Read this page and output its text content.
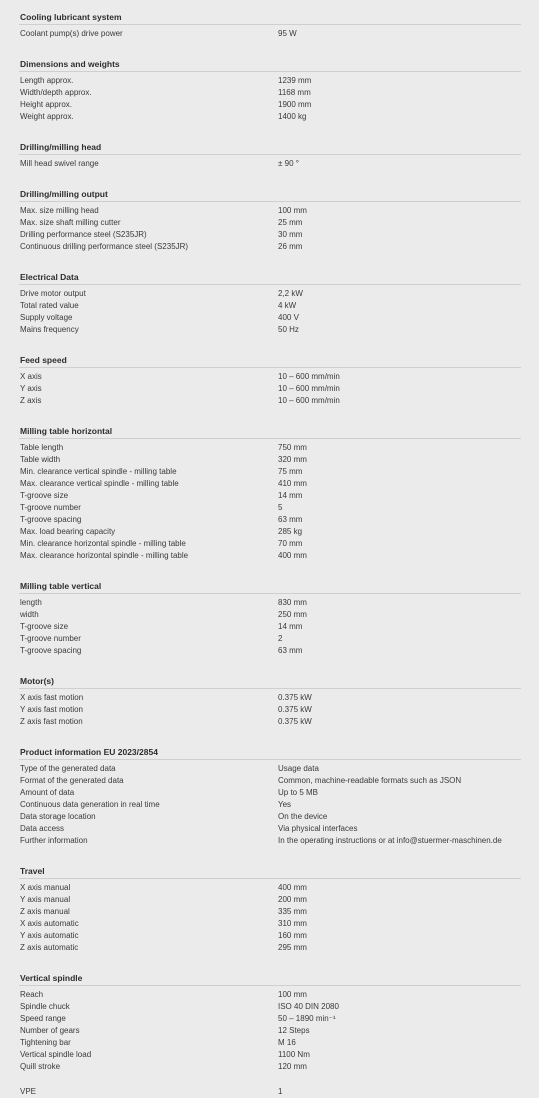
Cooling lubricant system
Coolant pump(s) drive power	95 W
Dimensions and weights
Length approx.	1239 mm
Width/depth approx.	1168 mm
Height approx.	1900 mm
Weight approx.	1400 kg
Drilling/milling head
Mill head swivel range	± 90 °
Drilling/milling output
Max. size milling head	100 mm
Max. size shaft milling cutter	25 mm
Drilling performance steel (S235JR)	30 mm
Continuous drilling performance steel (S235JR)	26 mm
Electrical Data
Drive motor output	2,2 kW
Total rated value	4 kW
Supply voltage	400 V
Mains frequency	50 Hz
Feed speed
X axis	10 – 600 mm/min
Y axis	10 – 600 mm/min
Z axis	10 – 600 mm/min
Milling table horizontal
Table length	750 mm
Table width	320 mm
Min. clearance vertical spindle - milling table	75 mm
Max. clearance vertical spindle - milling table	410 mm
T-groove size	14 mm
T-groove number	5
T-groove spacing	63 mm
Max. load bearing capacity	285 kg
Min. clearance horizontal spindle - milling table	70 mm
Max. clearance horizontal spindle - milling table	400 mm
Milling table vertical
length	830 mm
width	250 mm
T-groove size	14 mm
T-groove number	2
T-groove spacing	63 mm
Motor(s)
X axis fast motion	0.375 kW
Y axis fast motion	0.375 kW
Z axis fast motion	0.375 kW
Product information EU 2023/2854
Type of the generated data	Usage data
Format of the generated data	Common, machine-readable formats such as JSON
Amount of data	Up to 5 MB
Continuous data generation in real time	Yes
Data storage location	On the device
Data access	Via physical interfaces
Further information	In the operating instructions or at info@stuermer-maschinen.de
Travel
X axis manual	400 mm
Y axis manual	200 mm
Z axis manual	335 mm
X axis automatic	310 mm
Y axis automatic	160 mm
Z axis automatic	295 mm
Vertical spindle
Reach	100 mm
Spindle chuck	ISO 40 DIN 2080
Speed range	50 – 1890 min⁻¹
Number of gears	12 Steps
Tightening bar	M 16
Vertical spindle load	1100 Nm
Quill stroke	120 mm
VPE	1
